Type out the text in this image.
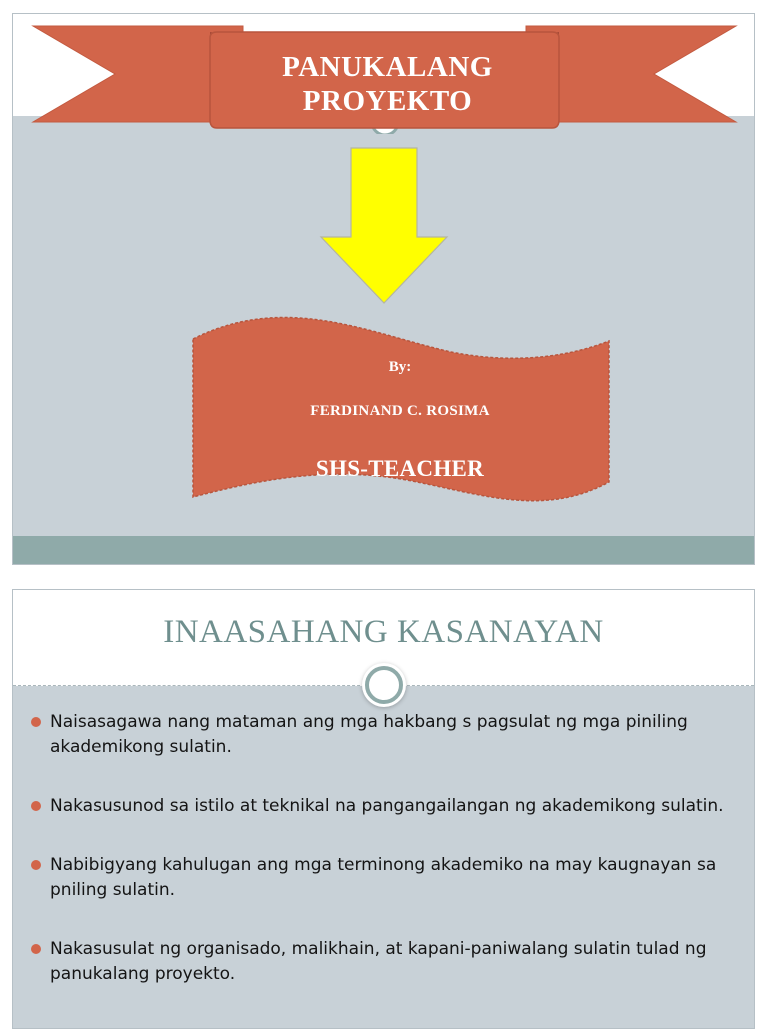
PANUKALANG
PROYEKTO
By:
FERDINAND C. ROSIMA
SHS-TEACHER
INAASAHANG KASANAYAN
Naisasagawa nang mataman ang mga hakbang s pagsulat ng mga piniling akademikong sulatin.
Nakasusunod sa istilo at teknikal na pangangailangan ng akademikong sulatin.
Nabibigyang kahulugan ang mga terminong akademiko na may kaugnayan sa pniling sulatin.
Nakasusulat ng organisado, malikhain, at kapani-paniwalang sulatin tulad ng panukalang proyekto.
